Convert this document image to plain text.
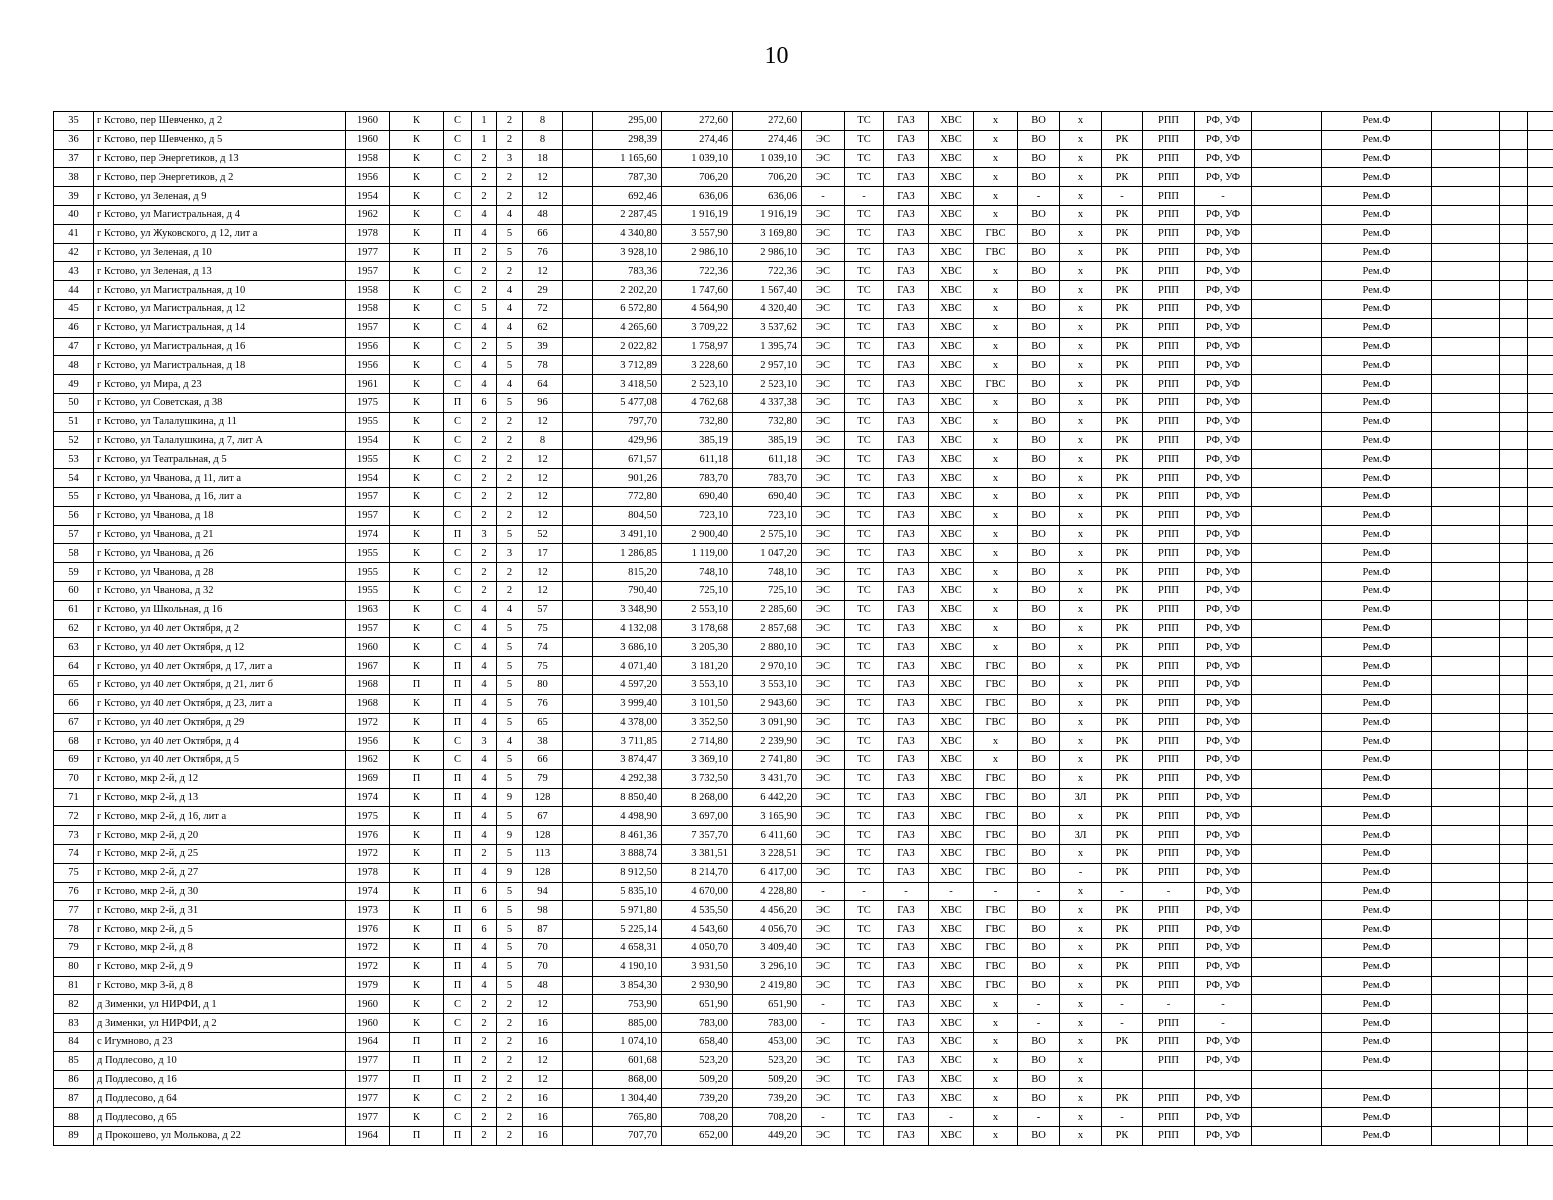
10
35	г Кстово, пер Шевченко, д 2	1960	К	С	1	2	8		295,00	272,60	272,60		ТС	ГАЗ	ХВС	х	ВО	х		РПП	РФ, УФ		Рем.Ф			
36	г Кстово, пер Шевченко, д 5	1960	К	С	1	2	8		298,39	274,46	274,46	ЭС	ТС	ГАЗ	ХВС	х	ВО	х	РК	РПП	РФ, УФ		Рем.Ф			
37	г Кстово, пер Энергетиков, д 13	1958	К	С	2	3	18		1 165,60	1 039,10	1 039,10	ЭС	ТС	ГАЗ	ХВС	х	ВО	х	РК	РПП	РФ, УФ		Рем.Ф			
38	г Кстово, пер Энергетиков, д 2	1956	К	С	2	2	12		787,30	706,20	706,20	ЭС	ТС	ГАЗ	ХВС	х	ВО	х	РК	РПП	РФ, УФ		Рем.Ф			
39	г Кстово, ул Зеленая, д 9	1954	К	С	2	2	12		692,46	636,06	636,06	-	-	ГАЗ	ХВС	х	-	х	-	РПП	-		Рем.Ф			
40	г Кстово, ул Магистральная, д 4	1962	К	С	4	4	48		2 287,45	1 916,19	1 916,19	ЭС	ТС	ГАЗ	ХВС	х	ВО	х	РК	РПП	РФ, УФ		Рем.Ф			
41	г Кстово, ул Жуковского, д 12, лит а	1978	К	П	4	5	66		4 340,80	3 557,90	3 169,80	ЭС	ТС	ГАЗ	ХВС	ГВС	ВО	х	РК	РПП	РФ, УФ		Рем.Ф			
42	г Кстово, ул Зеленая, д 10	1977	К	П	2	5	76		3 928,10	2 986,10	2 986,10	ЭС	ТС	ГАЗ	ХВС	ГВС	ВО	х	РК	РПП	РФ, УФ		Рем.Ф			
43	г Кстово, ул Зеленая, д 13	1957	К	С	2	2	12		783,36	722,36	722,36	ЭС	ТС	ГАЗ	ХВС	х	ВО	х	РК	РПП	РФ, УФ		Рем.Ф			
44	г Кстово, ул Магистральная, д 10	1958	К	С	2	4	29		2 202,20	1 747,60	1 567,40	ЭС	ТС	ГАЗ	ХВС	х	ВО	х	РК	РПП	РФ, УФ		Рем.Ф			
45	г Кстово, ул Магистральная, д 12	1958	К	С	5	4	72		6 572,80	4 564,90	4 320,40	ЭС	ТС	ГАЗ	ХВС	х	ВО	х	РК	РПП	РФ, УФ		Рем.Ф			
46	г Кстово, ул Магистральная, д 14	1957	К	С	4	4	62		4 265,60	3 709,22	3 537,62	ЭС	ТС	ГАЗ	ХВС	х	ВО	х	РК	РПП	РФ, УФ		Рем.Ф			
47	г Кстово, ул Магистральная, д 16	1956	К	С	2	5	39		2 022,82	1 758,97	1 395,74	ЭС	ТС	ГАЗ	ХВС	х	ВО	х	РК	РПП	РФ, УФ		Рем.Ф			
48	г Кстово, ул Магистральная, д 18	1956	К	С	4	5	78		3 712,89	3 228,60	2 957,10	ЭС	ТС	ГАЗ	ХВС	х	ВО	х	РК	РПП	РФ, УФ		Рем.Ф			
49	г Кстово, ул Мира, д 23	1961	К	С	4	4	64		3 418,50	2 523,10	2 523,10	ЭС	ТС	ГАЗ	ХВС	ГВС	ВО	х	РК	РПП	РФ, УФ		Рем.Ф			
50	г Кстово, ул Советская, д 38	1975	К	П	6	5	96		5 477,08	4 762,68	4 337,38	ЭС	ТС	ГАЗ	ХВС	х	ВО	х	РК	РПП	РФ, УФ		Рем.Ф			
51	г Кстово, ул Талалушкина, д 11	1955	К	С	2	2	12		797,70	732,80	732,80	ЭС	ТС	ГАЗ	ХВС	х	ВО	х	РК	РПП	РФ, УФ		Рем.Ф			
52	г Кстово, ул Талалушкина, д 7, лит А	1954	К	С	2	2	8		429,96	385,19	385,19	ЭС	ТС	ГАЗ	ХВС	х	ВО	х	РК	РПП	РФ, УФ		Рем.Ф			
53	г Кстово, ул Театральная, д 5	1955	К	С	2	2	12		671,57	611,18	611,18	ЭС	ТС	ГАЗ	ХВС	х	ВО	х	РК	РПП	РФ, УФ		Рем.Ф			
54	г Кстово, ул Чванова, д 11, лит а	1954	К	С	2	2	12		901,26	783,70	783,70	ЭС	ТС	ГАЗ	ХВС	х	ВО	х	РК	РПП	РФ, УФ		Рем.Ф			
55	г Кстово, ул Чванова, д 16, лит а	1957	К	С	2	2	12		772,80	690,40	690,40	ЭС	ТС	ГАЗ	ХВС	х	ВО	х	РК	РПП	РФ, УФ		Рем.Ф			
56	г Кстово, ул Чванова, д 18	1957	К	С	2	2	12		804,50	723,10	723,10	ЭС	ТС	ГАЗ	ХВС	х	ВО	х	РК	РПП	РФ, УФ		Рем.Ф			
57	г Кстово, ул Чванова, д 21	1974	К	П	3	5	52		3 491,10	2 900,40	2 575,10	ЭС	ТС	ГАЗ	ХВС	х	ВО	х	РК	РПП	РФ, УФ		Рем.Ф			
58	г Кстово, ул Чванова, д 26	1955	К	С	2	3	17		1 286,85	1 119,00	1 047,20	ЭС	ТС	ГАЗ	ХВС	х	ВО	х	РК	РПП	РФ, УФ		Рем.Ф			
59	г Кстово, ул Чванова, д 28	1955	К	С	2	2	12		815,20	748,10	748,10	ЭС	ТС	ГАЗ	ХВС	х	ВО	х	РК	РПП	РФ, УФ		Рем.Ф			
60	г Кстово, ул Чванова, д 32	1955	К	С	2	2	12		790,40	725,10	725,10	ЭС	ТС	ГАЗ	ХВС	х	ВО	х	РК	РПП	РФ, УФ		Рем.Ф			
61	г Кстово, ул Школьная, д 16	1963	К	С	4	4	57		3 348,90	2 553,10	2 285,60	ЭС	ТС	ГАЗ	ХВС	х	ВО	х	РК	РПП	РФ, УФ		Рем.Ф			
62	г Кстово, ул 40 лет Октября, д 2	1957	К	С	4	5	75		4 132,08	3 178,68	2 857,68	ЭС	ТС	ГАЗ	ХВС	х	ВО	х	РК	РПП	РФ, УФ		Рем.Ф			
63	г Кстово, ул 40 лет Октября, д 12	1960	К	С	4	5	74		3 686,10	3 205,30	2 880,10	ЭС	ТС	ГАЗ	ХВС	х	ВО	х	РК	РПП	РФ, УФ		Рем.Ф			
64	г Кстово, ул 40 лет Октября, д 17, лит а	1967	К	П	4	5	75		4 071,40	3 181,20	2 970,10	ЭС	ТС	ГАЗ	ХВС	ГВС	ВО	х	РК	РПП	РФ, УФ		Рем.Ф			
65	г Кстово, ул 40 лет Октября, д 21, лит б	1968	П	П	4	5	80		4 597,20	3 553,10	3 553,10	ЭС	ТС	ГАЗ	ХВС	ГВС	ВО	х	РК	РПП	РФ, УФ		Рем.Ф			
66	г Кстово, ул 40 лет Октября, д 23, лит а	1968	К	П	4	5	76		3 999,40	3 101,50	2 943,60	ЭС	ТС	ГАЗ	ХВС	ГВС	ВО	х	РК	РПП	РФ, УФ		Рем.Ф			
67	г Кстово, ул 40 лет Октября, д 29	1972	К	П	4	5	65		4 378,00	3 352,50	3 091,90	ЭС	ТС	ГАЗ	ХВС	ГВС	ВО	х	РК	РПП	РФ, УФ		Рем.Ф			
68	г Кстово, ул 40 лет Октября, д 4	1956	К	С	3	4	38		3 711,85	2 714,80	2 239,90	ЭС	ТС	ГАЗ	ХВС	х	ВО	х	РК	РПП	РФ, УФ		Рем.Ф			
69	г Кстово, ул 40 лет Октября, д 5	1962	К	С	4	5	66		3 874,47	3 369,10	2 741,80	ЭС	ТС	ГАЗ	ХВС	х	ВО	х	РК	РПП	РФ, УФ		Рем.Ф			
70	г Кстово, мкр 2-й, д 12	1969	П	П	4	5	79		4 292,38	3 732,50	3 431,70	ЭС	ТС	ГАЗ	ХВС	ГВС	ВО	х	РК	РПП	РФ, УФ		Рем.Ф			
71	г Кстово, мкр 2-й, д 13	1974	К	П	4	9	128		8 850,40	8 268,00	6 442,20	ЭС	ТС	ГАЗ	ХВС	ГВС	ВО	ЗЛ	РК	РПП	РФ, УФ		Рем.Ф			
72	г Кстово, мкр 2-й, д 16, лит а	1975	К	П	4	5	67		4 498,90	3 697,00	3 165,90	ЭС	ТС	ГАЗ	ХВС	ГВС	ВО	х	РК	РПП	РФ, УФ		Рем.Ф			
73	г Кстово, мкр 2-й, д 20	1976	К	П	4	9	128		8 461,36	7 357,70	6 411,60	ЭС	ТС	ГАЗ	ХВС	ГВС	ВО	ЗЛ	РК	РПП	РФ, УФ		Рем.Ф			
74	г Кстово, мкр 2-й, д 25	1972	К	П	2	5	113		3 888,74	3 381,51	3 228,51	ЭС	ТС	ГАЗ	ХВС	ГВС	ВО	х	РК	РПП	РФ, УФ		Рем.Ф			
75	г Кстово, мкр 2-й, д 27	1978	К	П	4	9	128		8 912,50	8 214,70	6 417,00	ЭС	ТС	ГАЗ	ХВС	ГВС	ВО	-	РК	РПП	РФ, УФ		Рем.Ф			
76	г Кстово, мкр 2-й, д 30	1974	К	П	6	5	94		5 835,10	4 670,00	4 228,80	-	-	-	-	-	-	х	-	-	РФ, УФ		Рем.Ф			
77	г Кстово, мкр 2-й, д 31	1973	К	П	6	5	98		5 971,80	4 535,50	4 456,20	ЭС	ТС	ГАЗ	ХВС	ГВС	ВО	х	РК	РПП	РФ, УФ		Рем.Ф			
78	г Кстово, мкр 2-й, д 5	1976	К	П	6	5	87		5 225,14	4 543,60	4 056,70	ЭС	ТС	ГАЗ	ХВС	ГВС	ВО	х	РК	РПП	РФ, УФ		Рем.Ф			
79	г Кстово, мкр 2-й, д 8	1972	К	П	4	5	70		4 658,31	4 050,70	3 409,40	ЭС	ТС	ГАЗ	ХВС	ГВС	ВО	х	РК	РПП	РФ, УФ		Рем.Ф			
80	г Кстово, мкр 2-й, д 9	1972	К	П	4	5	70		4 190,10	3 931,50	3 296,10	ЭС	ТС	ГАЗ	ХВС	ГВС	ВО	х	РК	РПП	РФ, УФ		Рем.Ф			
81	г Кстово, мкр 3-й, д 8	1979	К	П	4	5	48		3 854,30	2 930,90	2 419,80	ЭС	ТС	ГАЗ	ХВС	ГВС	ВО	х	РК	РПП	РФ, УФ		Рем.Ф			
82	д Зименки, ул НИРФИ, д 1	1960	К	С	2	2	12		753,90	651,90	651,90	-	ТС	ГАЗ	ХВС	х	-	х	-	-	-		Рем.Ф			
83	д Зименки, ул НИРФИ, д 2	1960	К	С	2	2	16		885,00	783,00	783,00	-	ТС	ГАЗ	ХВС	х	-	х	-	РПП	-		Рем.Ф			
84	с Игумново, д 23	1964	П	П	2	2	16		1 074,10	658,40	453,00	ЭС	ТС	ГАЗ	ХВС	х	ВО	х	РК	РПП	РФ, УФ		Рем.Ф			
85	д Подлесово, д 10	1977	П	П	2	2	12		601,68	523,20	523,20	ЭС	ТС	ГАЗ	ХВС	х	ВО	х		РПП	РФ, УФ		Рем.Ф			
86	д Подлесово, д 16	1977	П	П	2	2	12		868,00	509,20	509,20	ЭС	ТС	ГАЗ	ХВС	х	ВО	х								
87	д Подлесово, д 64	1977	К	С	2	2	16		1 304,40	739,20	739,20	ЭС	ТС	ГАЗ	ХВС	х	ВО	х	РК	РПП	РФ, УФ		Рем.Ф			
88	д Подлесово, д 65	1977	К	С	2	2	16		765,80	708,20	708,20	-	ТС	ГАЗ	-	х	-	х	-	РПП	РФ, УФ		Рем.Ф			
89	д Прокошево, ул Молькова, д 22	1964	П	П	2	2	16		707,70	652,00	449,20	ЭС	ТС	ГАЗ	ХВС	х	ВО	х	РК	РПП	РФ, УФ		Рем.Ф			
